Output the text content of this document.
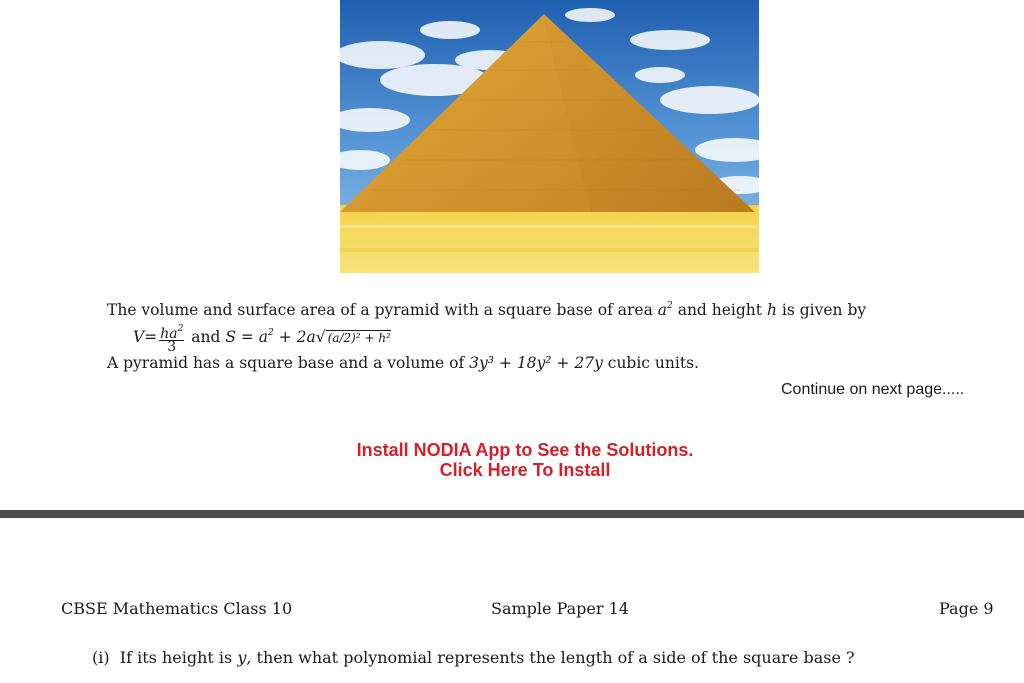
The volume and surface area of a pyramid with a square base of area $a^2$ and height h is given by
$V= \frac{ha^2}{3}$ and $S = a^2 + 2a√$ (a/2)² + h²
A pyramid has a square base and a volume of 3y³ + 18y² + 27y cubic units.
Continue on next page.....
Install NODIA App to See the Solutions.
Click Here To Install
CBSE Mathematics Class 10	Sample Paper 14	Page 9
(i) If its height is y, then what polynomial represents the length of a side of the square base ?
